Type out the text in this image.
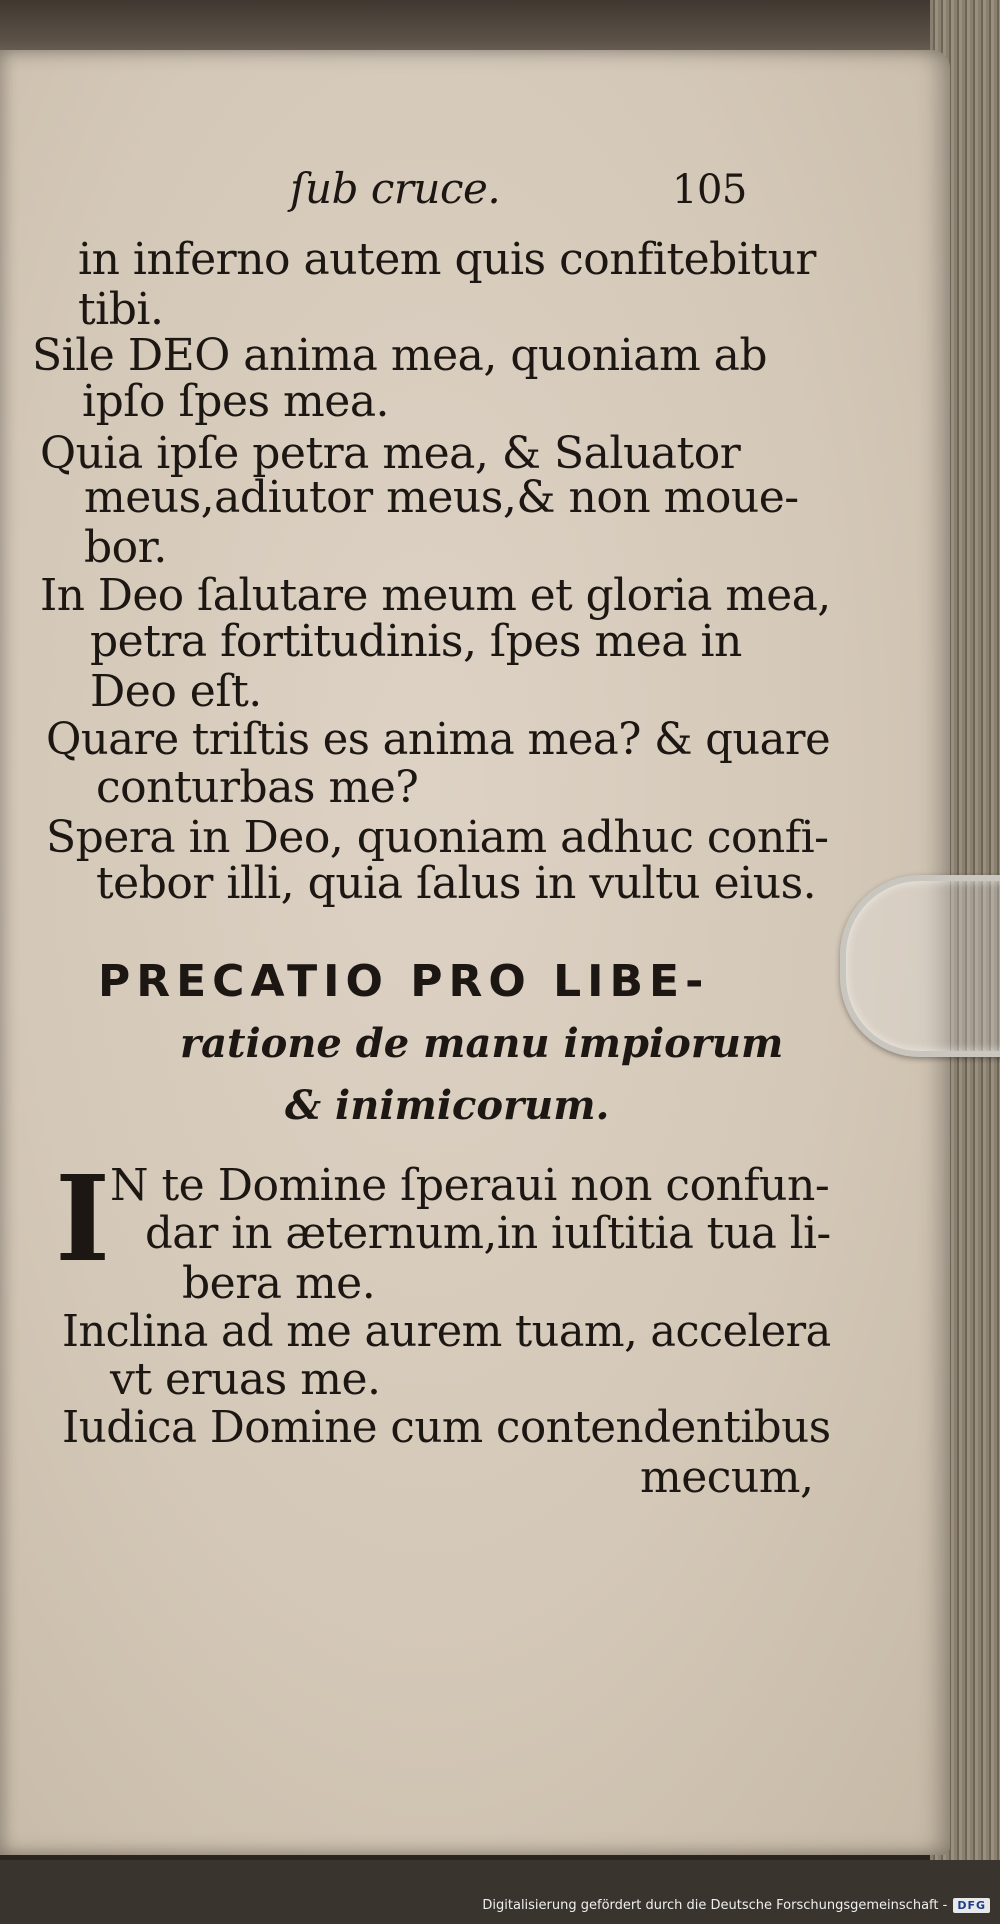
ſub cruce.	105
in inferno autem quis confitebitur
tibi.
Sile DEO anima mea, quoniam ab
ipſo ſpes mea.
Quia ipſe petra mea, & Saluator
meus,adiutor meus,& non moue-
bor.
In Deo ſalutare meum et gloria mea,
petra fortitudinis, ſpes mea in
Deo eſt.
Quare triſtis es anima mea? & quare
conturbas me?
Spera in Deo, quoniam adhuc confi-
tebor illi, quia ſalus in vultu eius.
PRECATIO PRO LIBE-
ratione de manu impiorum
& inimicorum.
I N te Domine ſperaui non confun-
dar in æternum,in iuſtitia tua li-
bera me.
Inclina ad me aurem tuam, accelera
vt eruas me.
Iudica Domine cum contendentibus
mecum,
Digitalisierung gefördert durch die Deutsche Forschungsgemeinschaft - DFG
